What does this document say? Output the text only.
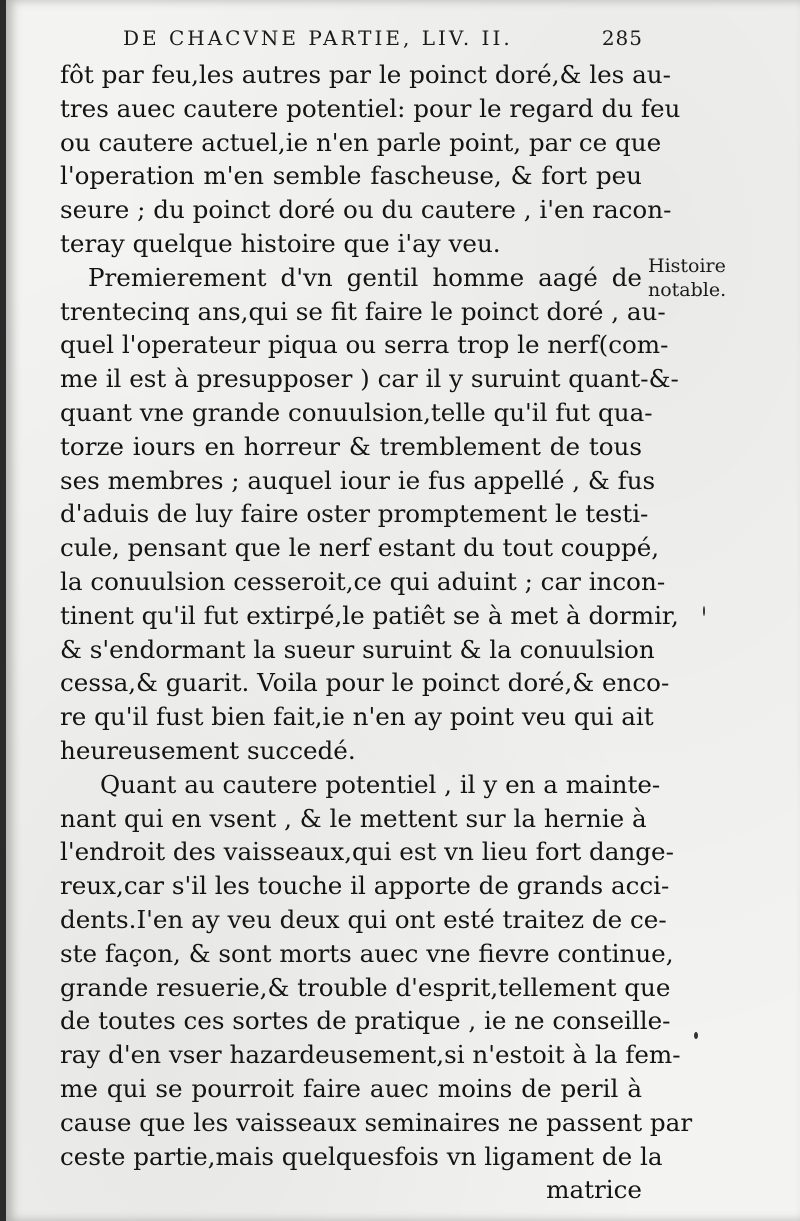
DE CHACVNE PARTIE, LIV. II.	285
fôt par feu,les autres par le poinct doré,& les au-
tres auec cautere potentiel: pour le regard du feu
ou cautere actuel,ie n'en parle point, par ce que
l'operation m'en semble fascheuse, & fort peu
seure ; du poinct doré ou du cautere , i'en racon-
teray quelque histoire que i'ay veu.
Premierement d'vn gentil homme aagé de
trentecinq ans,qui se fit faire le poinct doré , au-
quel l'operateur piqua ou serra trop le nerf(com-
me il est à presupposer ) car il y suruint quant-&-
quant vne grande conuulsion,telle qu'il fut qua-
torze iours en horreur & tremblement de tous
ses membres ; auquel iour ie fus appellé , & fus
d'aduis de luy faire oster promptement le testi-
cule, pensant que le nerf estant du tout couppé,
la conuulsion cesseroit,ce qui aduint ; car incon-
tinent qu'il fut extirpé,le patiêt se à met à dormir,
& s'endormant la sueur suruint & la conuulsion
cessa,& guarit. Voila pour le poinct doré,& enco-
re qu'il fust bien fait,ie n'en ay point veu qui ait
heureusement succedé.
Quant au cautere potentiel , il y en a mainte-
nant qui en vsent , & le mettent sur la hernie à
l'endroit des vaisseaux,qui est vn lieu fort dange-
reux,car s'il les touche il apporte de grands acci-
dents.I'en ay veu deux qui ont esté traitez de ce-
ste façon, & sont morts auec vne fievre continue,
grande resuerie,& trouble d'esprit,tellement que
de toutes ces sortes de pratique , ie ne conseille-
ray d'en vser hazardeusement,si n'estoit à la fem-
me qui se pourroit faire auec moins de peril à
cause que les vaisseaux seminaires ne passent par
ceste partie,mais quelquesfois vn ligament de la
matrice
Histoire
notable.
